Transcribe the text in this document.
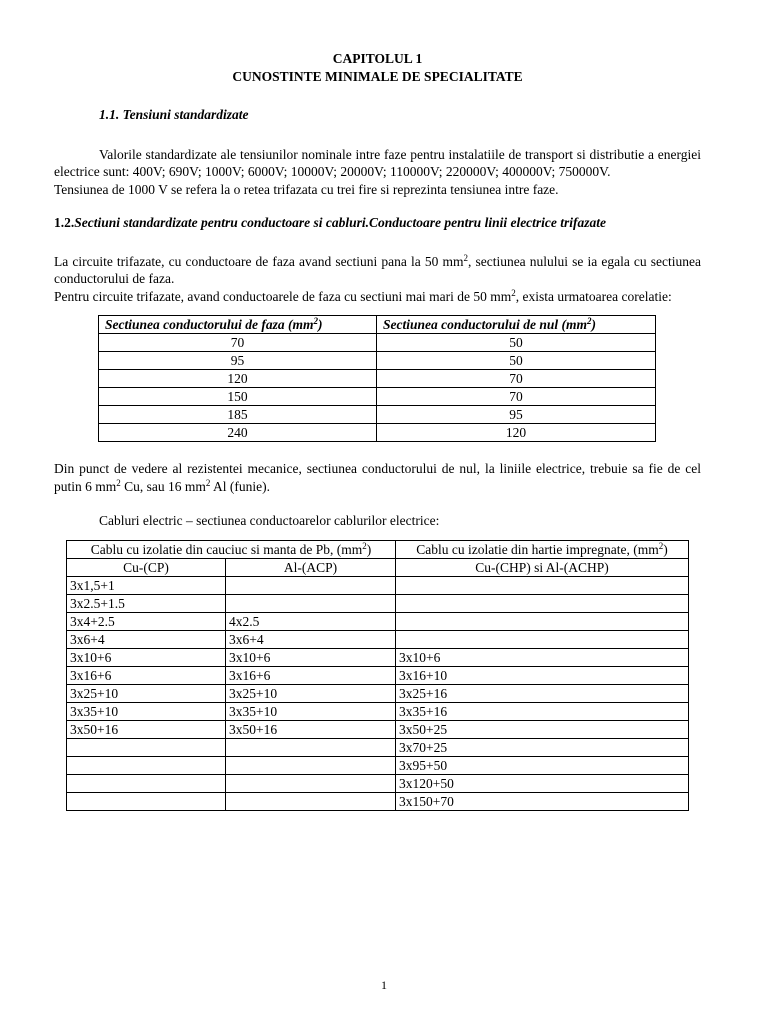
CAPITOLUL 1
CUNOSTINTE MINIMALE DE SPECIALITATE
1.1. Tensiuni standardizate

Valorile standardizate ale tensiunilor nominale intre faze pentru instalatiile de transport si distributie a energiei electrice sunt: 400V; 690V; 1000V; 6000V; 10000V; 20000V; 110000V; 220000V; 400000V; 750000V.

Tensiunea de 1000 V se refera la o retea trifazata cu trei fire si reprezinta tensiunea intre faze.

1.2.Sectiuni standardizate pentru conductoare si cabluri.Conductoare pentru linii electrice trifazate

La circuite trifazate, cu conductoare de faza avand sectiuni pana la 50 $mm^2$, sectiunea nulului se ia egala cu sectiunea conductorului de faza.

Pentru circuite trifazate, avand conductoarele de faza cu sectiuni mai mari de 50 $mm^2$, exista urmatoarea corelatie:

Sectiunea conductorului de faza $(mm^2)$	Sectiunea conductorului de nul $(mm^2)$
70	50
95	50
120	70
150	70
185	95
240	120

Din punct de vedere al rezistentei mecanice, sectiunea conductorului de nul, la liniile electrice, trebuie sa fie de cel putin 6 $mm^2$ Cu, sau 16 $mm^2$ Al (funie).

Cabluri electric – sectiunea conductoarelor cablurilor electrice:

Cablu cu izolatie din cauciuc si manta de Pb, $(mm^2)$		Cablu cu izolatie din hartie impregnate, $(mm^2)$
Cu-(CP)	Al-(ACP)	Cu-(CHP) si Al-(ACHP)
3x1,5+1		
3x2.5+1.5		
3x4+2.5	4x2.5	
3x6+4	3x6+4	
3x10+6	3x10+6	3x10+6
3x16+6	3x16+6	3x16+10
3x25+10	3x25+10	3x25+16
3x35+10	3x35+10	3x35+16
3x50+16	3x50+16	3x50+25
		3x70+25
		3x95+50
		3x120+50
		3x150+70
1
